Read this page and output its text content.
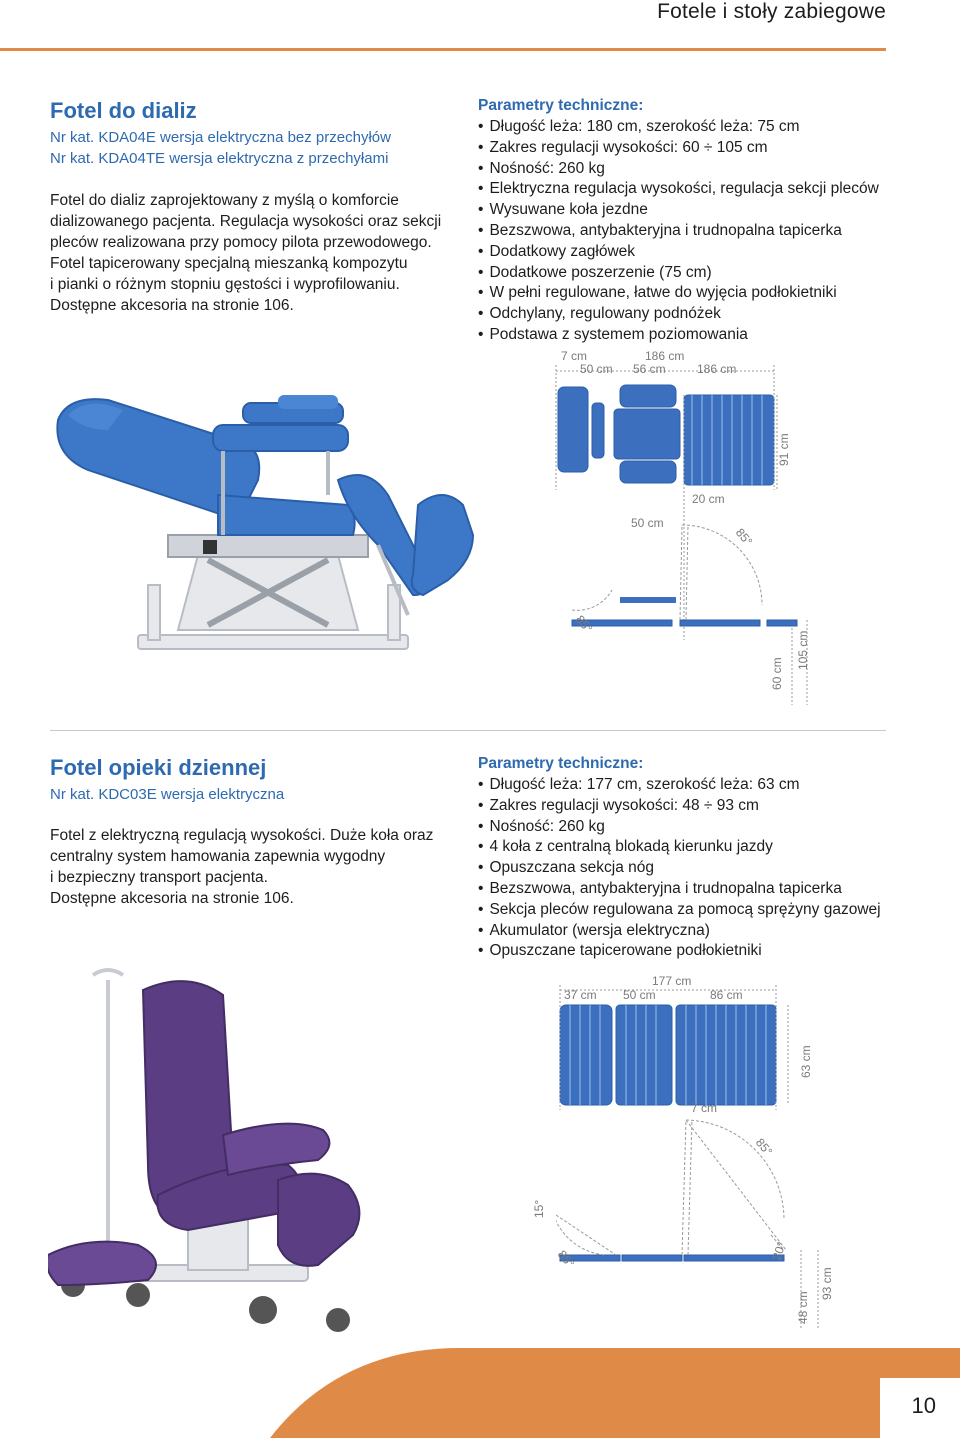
Fotele i stoły zabiegowe
Fotel do dializ
Nr kat. KDA04E wersja elektryczna bez przechyłów
Nr kat. KDA04TE wersja elektryczna z przechyłami
Fotel do dializ zaprojektowany z myślą o komforcie
dializowanego pacjenta. Regulacja wysokości oraz sekcji
pleców realizowana przy pomocy pilota przewodowego.
Fotel tapicerowany specjalną mieszanką kompozytu
i pianki o różnym stopniu gęstości i wyprofilowaniu.
Dostępne akcesoria na stronie 106.
Parametry techniczne:
• Długość leża: 180 cm, szerokość leża: 75 cm
• Zakres regulacji wysokości: 60 ÷ 105 cm
• Nośność: 260 kg
• Elektryczna regulacja wysokości, regulacja sekcji pleców
• Wysuwane koła jezdne
• Bezszwowa, antybakteryjna i trudnopalna tapicerka
• Dodatkowy zagłówek
• Dodatkowe poszerzenie (75 cm)
• W pełni regulowane, łatwe do wyjęcia podłokietniki
• Odchylany, regulowany podnóżek
• Podstawa z systemem poziomowania
7 cm	186 cm
50 cm 56 cm	186 cm
91 cm
20 cm
50 cm
85°
85°
60 cm
105 cm
Fotel opieki dziennej
Nr kat. KDC03E wersja elektryczna
Fotel z elektryczną regulacją wysokości. Duże koła oraz
centralny system hamowania zapewnia wygodny
i bezpieczny transport pacjenta.
Dostępne akcesoria na stronie 106.
Parametry techniczne:
• Długość leża: 177 cm, szerokość leża: 63 cm
• Zakres regulacji wysokości: 48 ÷ 93 cm
• Nośność: 260 kg
• 4 koła z centralną blokadą kierunku jazdy
• Opuszczana sekcja nóg
• Bezszwowa, antybakteryjna i trudnopalna tapicerka
• Sekcja pleców regulowana za pomocą sprężyny gazowej
• Akumulator (wersja elektryczna)
• Opuszczane tapicerowane podłokietniki
177 cm
37 cm 50 cm	86 cm
63 cm
7 cm
85°
15°
85°	20°
48 cm
93 cm
10
